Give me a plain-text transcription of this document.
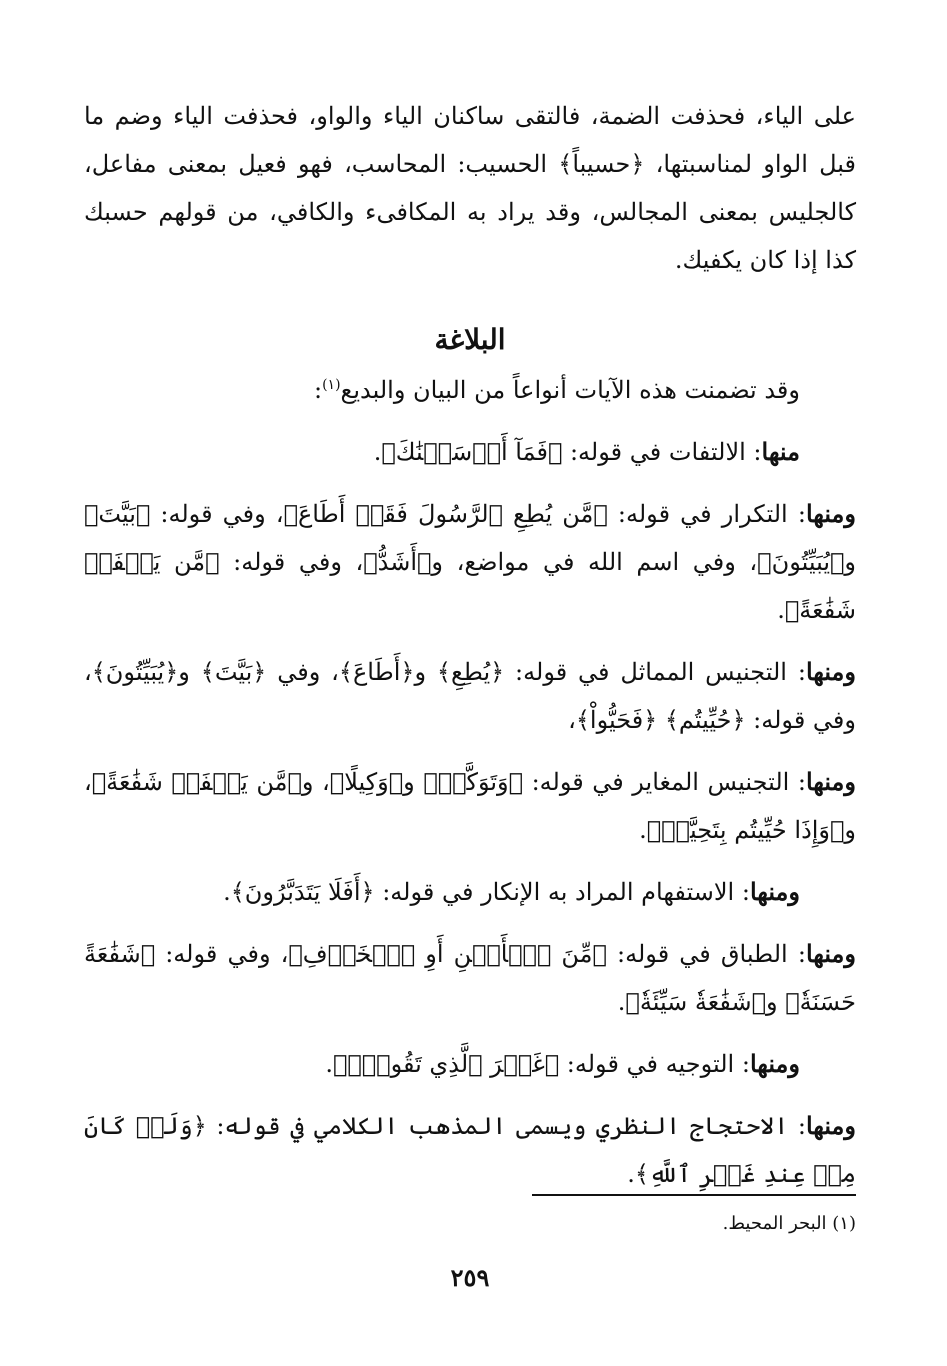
على الياء، فحذفت الضمة، فالتقى ساكنان الياء والواو، فحذفت الياء وضم ما قبل الواو لمناسبتها، ﴿حسيباً﴾ الحسيب: المحاسب، فهو فعيل بمعنى مفاعل، كالجليس بمعنى المجالس، وقد يراد به المكافىء والكافي، من قولهم حسبك كذا إذا كان يكفيك.

البلاغة

وقد تضمنت هذه الآيات أنواعاً من البيان والبديع$^{(١)}$:

منها: الالتفات في قوله: ﴿فَمَآ أَرۡسَلۡنَٰكَ﴾.

ومنها: التكرار في قوله: ﴿مَّن يُطِعِ ٱلرَّسُولَ فَقَدۡ أَطَاعَ﴾، وفي قوله: ﴿بَيَّتَ﴾ و﴿يُبَيِّتُونَ﴾، وفي اسم الله في مواضع، و﴿أَشَدُّ﴾، وفي قوله: ﴿مَّن يَشۡفَعۡ شَفَٰعَةً﴾.

ومنها: التجنيس المماثل في قوله: ﴿يُطِعِ﴾ و﴿أَطَاعَ﴾، وفي ﴿بَيَّتَ﴾ و﴿يُبَيِّتُونَ﴾، وفي قوله: ﴿حُيِّيتُم﴾ ﴿فَحَيُّواْ﴾،

ومنها: التجنيس المغاير في قوله: ﴿وَتَوَكَّلۡ﴾ و﴿وَكِيلًا﴾، و﴿مَّن يَشۡفَعۡ شَفَٰعَةً﴾، و﴿وَإِذَا حُيِّيتُم بِتَحِيَّةٖ﴾.

ومنها: الاستفهام المراد به الإنكار في قوله: ﴿أَفَلَا يَتَدَبَّرُونَ﴾.

ومنها: الطباق في قوله: ﴿مِّنَ ٱلۡأَمۡنِ أَوِ ٱلۡخَوۡفِ﴾، وفي قوله: ﴿شَفَٰعَةً حَسَنَةٗ﴾ و﴿شَفَٰعَةٗ سَيِّئَةٗ﴾.

ومنها: التوجيه في قوله: ﴿غَيۡرَ ٱلَّذِي تَقُولُۖ﴾.

ومنها: الاحتجاج النظري ويسمى المذهب الكلامي في قوله: ﴿وَلَوۡ كَانَ مِنۡ عِندِ غَيۡرِ ٱللَّهِ﴾.

(١) البحر المحيط.
٢٥٩
